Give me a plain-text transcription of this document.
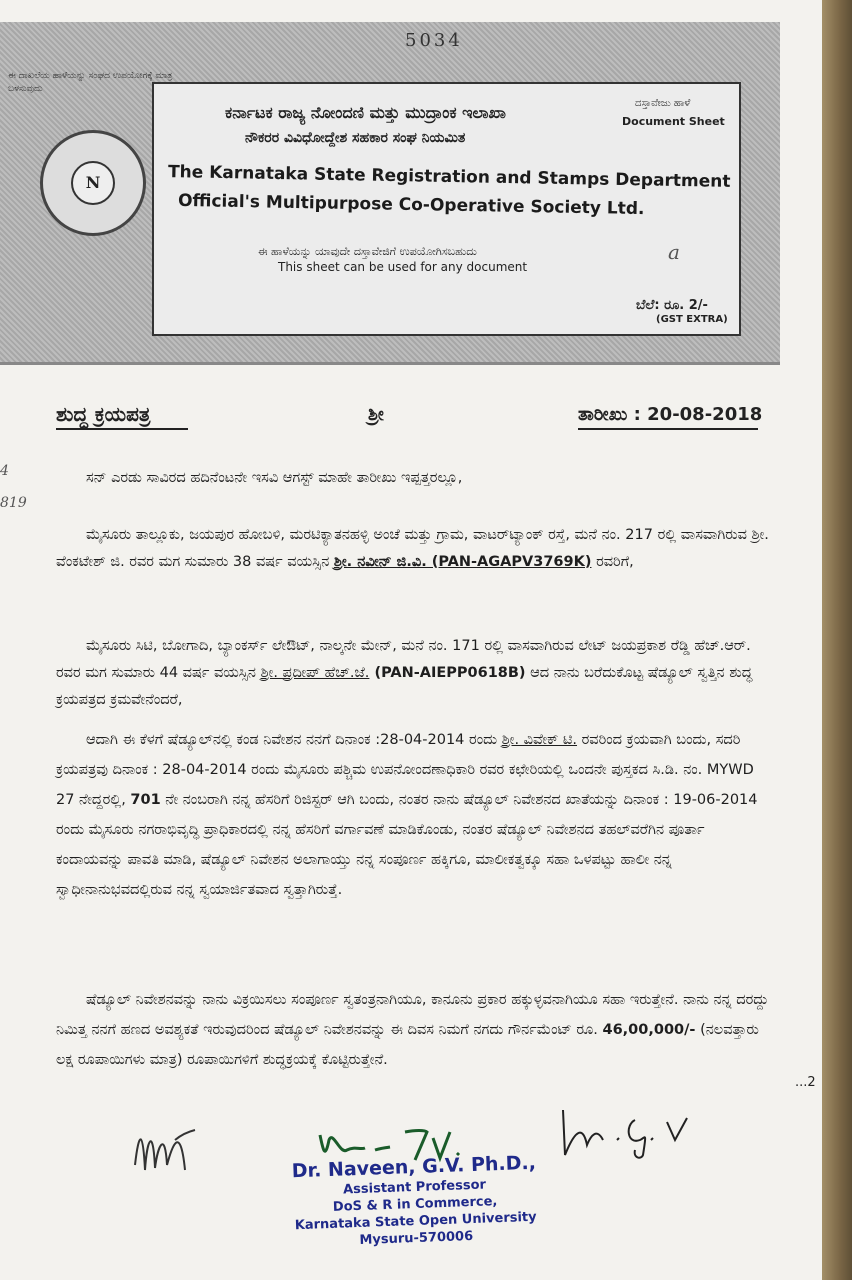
5034
ಈ ದಾಖಲೆಯ ಹಾಳೆಯನ್ನು ಸಂಘದ ಉಪಯೋಗಕ್ಕೆ ಮಾತ್ರ ಬಳಸುವುದು
N
ಕರ್ನಾಟಕ ರಾಜ್ಯ ನೋಂದಣಿ ಮತ್ತು ಮುದ್ರಾಂಕ ಇಲಾಖಾ
ನೌಕರರ ವಿವಿಧೋದ್ದೇಶ ಸಹಕಾರ ಸಂಘ ನಿಯಮಿತ
The Karnataka State Registration and Stamps Department
Official's Multipurpose Co-Operative Society Ltd.
ದಸ್ತಾವೇಜು ಹಾಳೆ
Document Sheet
ಈ ಹಾಳೆಯನ್ನು ಯಾವುದೇ ದಸ್ತಾವೇಜಿಗೆ ಉಪಯೋಗಿಸಬಹುದು
This sheet can be used for any document
a
ಬೆಲೆ: ರೂ. 2/-
(GST EXTRA)
ಶುದ್ಧ ಕ್ರಯಪತ್ರ	ಶ್ರೀ	ತಾರೀಖು : 20-08-2018
4
819

ಸನ್ ಎರಡು ಸಾವಿರದ ಹದಿನೆಂಟನೇ ಇಸವಿ ಆಗಸ್ಟ್ ಮಾಹೇ ತಾರೀಖು ಇಪ್ಪತ್ತರಲ್ಲೂ,

ಮೈಸೂರು ತಾಲ್ಲೂಕು, ಜಯಪುರ ಹೋಬಳಿ, ಮರಟಿಕ್ಯಾತನಹಳ್ಳಿ ಅಂಚೆ ಮತ್ತು ಗ್ರಾಮ, ವಾಟರ್‌ಟ್ಯಾಂಕ್ ರಸ್ತೆ, ಮನೆ ನಂ. 217 ರಲ್ಲಿ ವಾಸವಾಗಿರುವ ಶ್ರೀ. ವೆಂಕಟೇಶ್ ಜಿ. ರವರ ಮಗ ಸುಮಾರು 38 ವರ್ಷ ವಯಸ್ಸಿನ ಶ್ರೀ. ನವೀನ್ ಜಿ.ವಿ. (PAN-AGAPV3769K) ರವರಿಗೆ,

ಮೈಸೂರು ಸಿಟಿ, ಬೋಗಾದಿ, ಬ್ಯಾಂಕರ್ಸ್ ಲೇಔಟ್, ನಾಲ್ಕನೇ ಮೇನ್, ಮನೆ ನಂ. 171 ರಲ್ಲಿ ವಾಸವಾಗಿರುವ ಲೇಟ್ ಜಯಪ್ರಕಾಶ ರೆಡ್ಡಿ ಹೆಚ್.ಆರ್. ರವರ ಮಗ ಸುಮಾರು 44 ವರ್ಷ ವಯಸ್ಸಿನ ಶ್ರೀ. ಪ್ರದೀಪ್ ಹೆಚ್.ಜೆ. (PAN-AIEPP0618B) ಆದ ನಾನು ಬರೆದುಕೊಟ್ಟ ಷೆಡ್ಯೂಲ್ ಸ್ವತ್ತಿನ ಶುದ್ಧ ಕ್ರಯಪತ್ರದ ಕ್ರಮವೇನೆಂದರೆ,

ಆದಾಗಿ ಈ ಕೆಳಗೆ ಷೆಡ್ಯೂಲ್‌ನಲ್ಲಿ ಕಂಡ ನಿವೇಶನ ನನಗೆ ದಿನಾಂಕ :28-04-2014 ರಂದು ಶ್ರೀ. ವಿವೇಕ್ ಟಿ. ರವರಿಂದ ಕ್ರಯವಾಗಿ ಬಂದು, ಸದರಿ ಕ್ರಯಪತ್ರವು ದಿನಾಂಕ : 28-04-2014 ರಂದು ಮೈಸೂರು ಪಶ್ಚಿಮ ಉಪನೋಂದಣಾಧಿಕಾರಿ ರವರ ಕಛೇರಿಯಲ್ಲಿ ಒಂದನೇ ಪುಸ್ತಕದ ಸಿ.ಡಿ. ನಂ. MYWD 27 ನೇದ್ದರಲ್ಲಿ, 701 ನೇ ನಂಬರಾಗಿ ನನ್ನ ಹೆಸರಿಗೆ ರಿಜಿಸ್ಟರ್ ಆಗಿ ಬಂದು, ನಂತರ ನಾನು ಷೆಡ್ಯೂಲ್ ನಿವೇಶನದ ಖಾತೆಯನ್ನು ದಿನಾಂಕ : 19-06-2014 ರಂದು ಮೈಸೂರು ನಗರಾಭಿವೃದ್ಧಿ ಪ್ರಾಧಿಕಾರದಲ್ಲಿ ನನ್ನ ಹೆಸರಿಗೆ ವರ್ಗಾವಣೆ ಮಾಡಿಕೊಂಡು, ನಂತರ ಷೆಡ್ಯೂಲ್ ನಿವೇಶನದ ತಹಲ್‌ವರೆಗಿನ ಪೂರ್ತಾ ಕಂದಾಯವನ್ನು ಪಾವತಿ ಮಾಡಿ, ಷೆಡ್ಯೂಲ್ ನಿವೇಶನ ಅಲಾಗಾಯ್ತು ನನ್ನ ಸಂಪೂರ್ಣ ಹಕ್ಕಿಗೂ, ಮಾಲೀಕತ್ವಕ್ಕೂ ಸಹಾ ಒಳಪಟ್ಟು ಹಾಲೀ ನನ್ನ ಸ್ವಾಧೀನಾನುಭವದಲ್ಲಿರುವ ನನ್ನ ಸ್ವಯಾರ್ಜಿತವಾದ ಸ್ವತ್ತಾಗಿರುತ್ತೆ.

ಷೆಡ್ಯೂಲ್ ನಿವೇಶನವನ್ನು ನಾನು ವಿಕ್ರಯಿಸಲು ಸಂಪೂರ್ಣ ಸ್ವತಂತ್ರನಾಗಿಯೂ, ಕಾನೂನು ಪ್ರಕಾರ ಹಕ್ಕುಳ್ಳವನಾಗಿಯೂ ಸಹಾ ಇರುತ್ತೇನೆ. ನಾನು ನನ್ನ ದರದ್ದು ನಿಮಿತ್ತ ನನಗೆ ಹಣದ ಅವಶ್ಯಕತೆ ಇರುವುದರಿಂದ ಷೆಡ್ಯೂಲ್ ನಿವೇಶನವನ್ನು ಈ ದಿವಸ ನಿಮಗೆ ನಗದು ಗೌರ್ನಮೆಂಟ್ ರೂ. 46,00,000/- (ನಲವತ್ತಾರು ಲಕ್ಷ ರೂಪಾಯಿಗಳು ಮಾತ್ರ) ರೂಪಾಯಿಗಳಿಗೆ ಶುದ್ಧಕ್ರಯಕ್ಕೆ ಕೊಟ್ಟಿರುತ್ತೇನೆ.

...2
Dr. Naveen, G.V. Ph.D.,
Assistant Professor
DoS & R in Commerce,
Karnataka State Open University
Mysuru-570006
